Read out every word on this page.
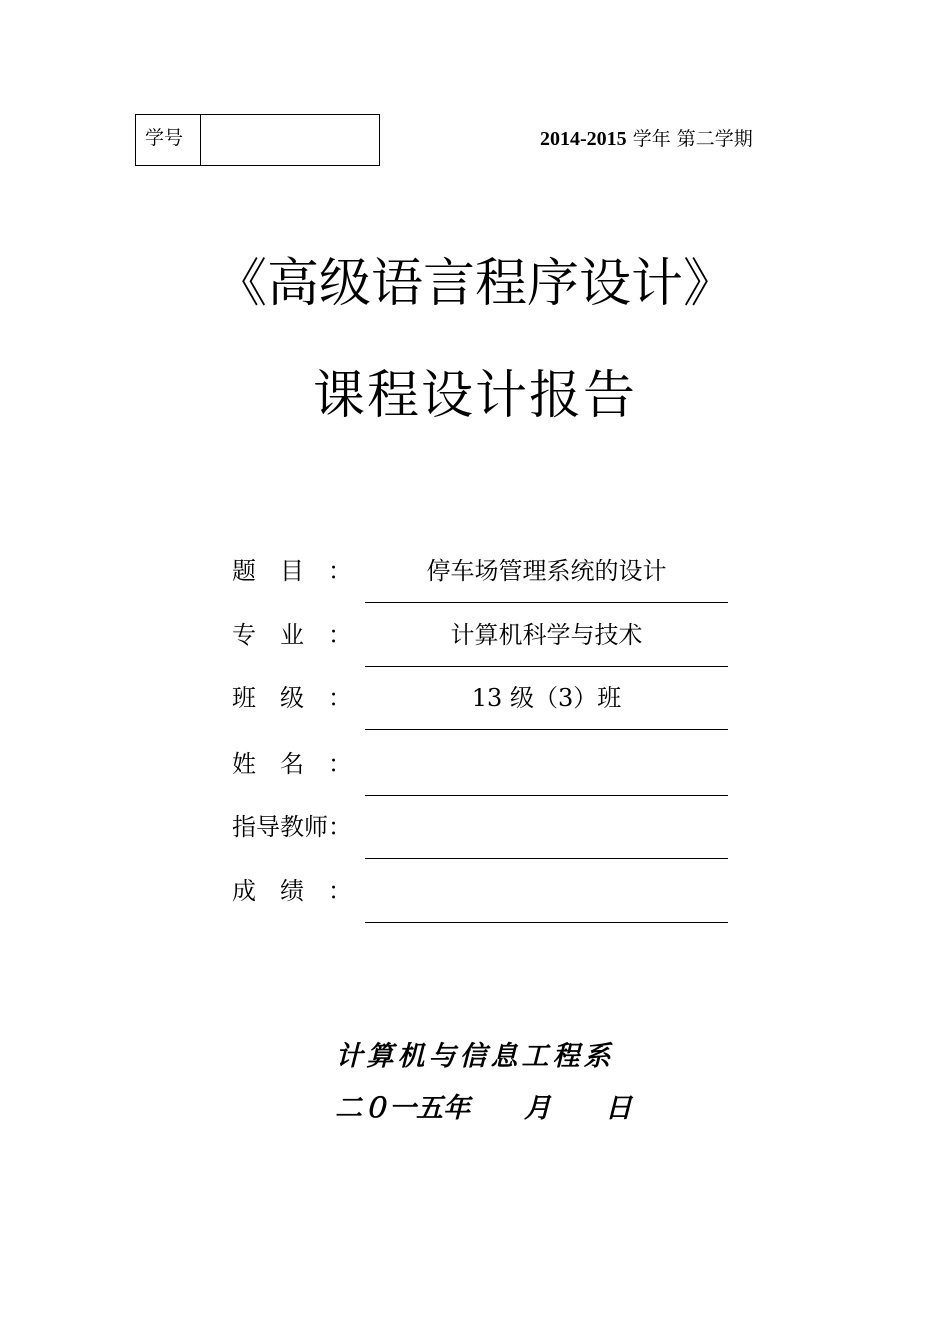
学号	2014-2015 学年 第二学期
《高级语言程序设计》
课程设计报告
题　目　：	停车场管理系统的设计
专　业　：	计算机科学与技术
班　级　：	13 级（3）班
姓　名　：
指导教师：
成　绩　：
计算机与信息工程系
二０一五年　　月　　日
